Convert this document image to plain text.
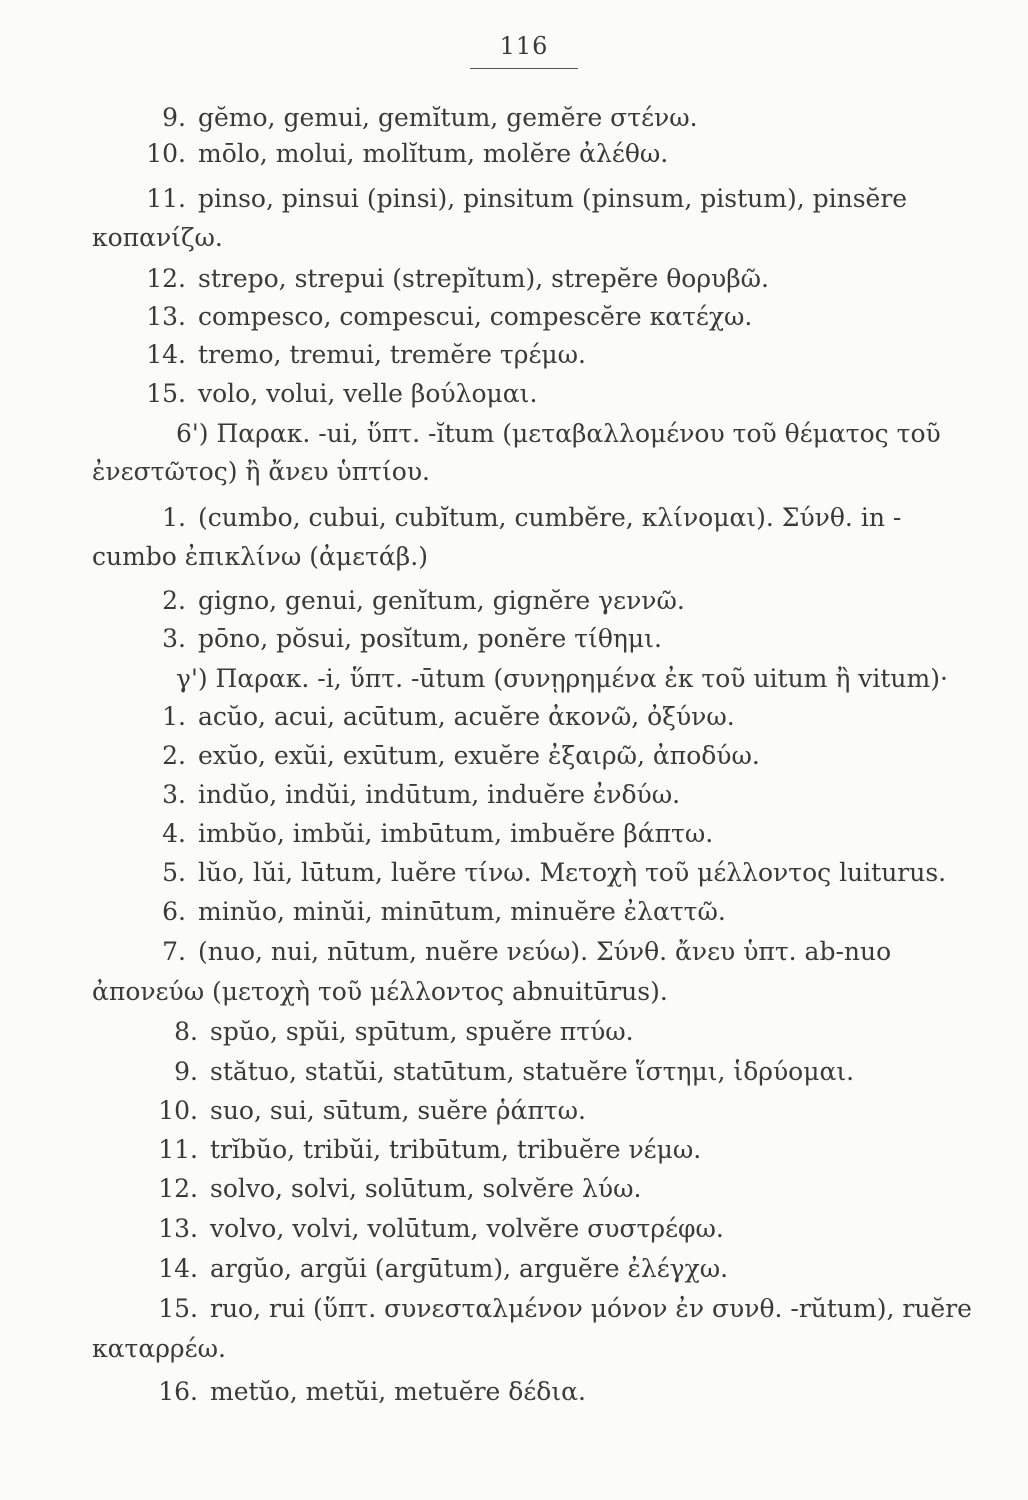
116
9. gĕmo, gemui, gemĭtum, gemĕre στένω.
10. mōlo, molui, molĭtum, molĕre ἀλέθω.
11. pinso, pinsui (pinsi), pinsitum (pinsum, pistum), pinsĕre
κοπανίζω.
12. strepo, strepui (strepĭtum), strepĕre θορυβῶ.
13. compesco, compescui, compescĕre κατέχω.
14. tremo, tremui, tremĕre τρέμω.
15. volo, volui, velle βούλομαι.
6') Παρακ. -ui, ὕπτ. -ĭtum (μεταβαλλομένου τοῦ θέματος τοῦ
ἐνεστῶτος) ἢ ἄνευ ὑπτίου.
1. (cumbo, cubui, cubĭtum, cumbĕre, κλίνομαι). Σύνθ. in -
cumbo ἐπικλίνω (ἀμετάβ.)
2. gigno, genui, genĭtum, gignĕre γεννῶ.
3. pōno, pŏsui, posĭtum, ponĕre τίθημι.
γ') Παρακ. -i, ὕπτ. -ūtum (συνῃρημένα ἐκ τοῦ uitum ἢ vitum)·
1. acŭo, acui, acūtum, acuĕre ἀκονῶ, ὀξύνω.
2. exŭo, exŭi, exūtum, exuĕre ἐξαιρῶ, ἀποδύω.
3. indŭo, indŭi, indūtum, induĕre ἐνδύω.
4. imbŭo, imbŭi, imbūtum, imbuĕre βάπτω.
5. lŭo, lŭi, lūtum, luĕre τίνω. Μετοχὴ τοῦ μέλλοντος luiturus.
6. minŭo, minŭi, minūtum, minuĕre ἐλαττῶ.
7. (nuo, nui, nūtum, nuĕre νεύω). Σύνθ. ἄνευ ὑπτ. ab-nuo
ἀπονεύω (μετοχὴ τοῦ μέλλοντος abnuitūrus).
8. spŭo, spŭi, spūtum, spuĕre πτύω.
9. stătuo, statŭi, statūtum, statuĕre ἵστημι, ἱδρύομαι.
10. suo, sui, sūtum, suĕre ῥάπτω.
11. trĭbŭo, tribŭi, tribūtum, tribuĕre νέμω.
12. solvo, solvi, solūtum, solvĕre λύω.
13. volvo, volvi, volūtum, volvĕre συστρέφω.
14. argŭo, argŭi (argūtum), arguĕre ἐλέγχω.
15. ruo, rui (ὕπτ. συνεσταλμένον μόνον ἐν συνθ. -rŭtum), ruĕre
καταρρέω.
16. metŭo, metŭi, metuĕre δέδια.
